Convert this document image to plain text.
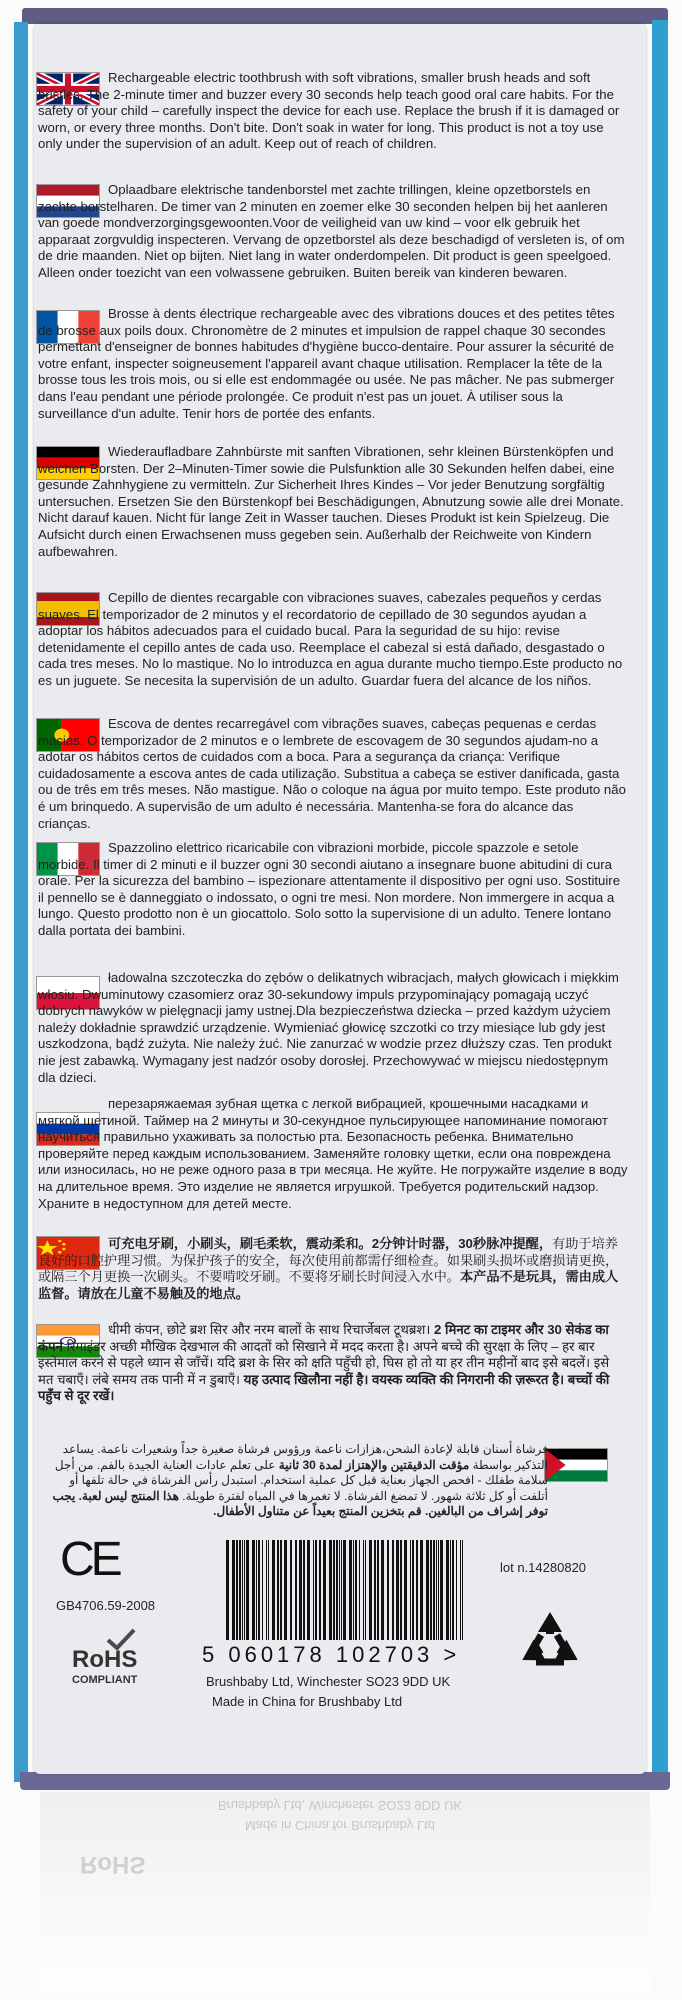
Rechargeable electric toothbrush with soft vibrations, smaller brush heads and soft bristles. The 2-minute timer and buzzer every 30 seconds help teach good oral care habits. For the safety of your child – carefully inspect the device for each use. Replace the brush if it is damaged or worn, or every three months. Don't bite. Don't soak in water for long. This product is not a toy use only under the supervision of an adult. Keep out of reach of children.
Oplaadbare elektrische tandenborstel met zachte trillingen, kleine opzetborstels en zachte borstelharen. De timer van 2 minuten en zoemer elke 30 seconden helpen bij het aanleren van goede mondverzorgingsgewoonten.Voor de veiligheid van uw kind – voor elk gebruik het apparaat zorgvuldig inspecteren. Vervang de opzetborstel als deze beschadigd of versleten is, of om de drie maanden. Niet op bijten. Niet lang in water onderdompelen. Dit product is geen speelgoed. Alleen onder toezicht van een volwassene gebruiken. Buiten bereik van kinderen bewaren.
Brosse à dents électrique rechargeable avec des vibrations douces et des petites têtes de brosse aux poils doux. Chronomètre de 2 minutes et impulsion de rappel chaque 30 secondes permettant d'enseigner de bonnes habitudes d'hygiène bucco-dentaire. Pour assurer la sécurité de votre enfant, inspecter soigneusement l'appareil avant chaque utilisation. Remplacer la tête de la brosse tous les trois mois, ou si elle est endommagée ou usée. Ne pas mâcher. Ne pas submerger dans l'eau pendant une période prolongée. Ce produit n'est pas un jouet. À utiliser sous la surveillance d'un adulte. Tenir hors de portée des enfants.
Wiederaufladbare Zahnbürste mit sanften Vibrationen, sehr kleinen Bürstenköpfen und weichen Borsten. Der 2–Minuten-Timer sowie die Pulsfunktion alle 30 Sekunden helfen dabei, eine gesunde Zahnhygiene zu vermitteln. Zur Sicherheit Ihres Kindes – Vor jeder Benutzung sorgfältig untersuchen. Ersetzen Sie den Bürstenkopf bei Beschädigungen, Abnutzung sowie alle drei Monate. Nicht darauf kauen. Nicht für lange Zeit in Wasser tauchen. Dieses Produkt ist kein Spielzeug. Die Aufsicht durch einen Erwachsenen muss gegeben sein. Außerhalb der Reichweite von Kindern aufbewahren.
Cepillo de dientes recargable con vibraciones suaves, cabezales pequeños y cerdas suaves. El temporizador de 2 minutos y el recordatorio de cepillado de 30 segundos ayudan a adoptar los hábitos adecuados para el cuidado bucal. Para la seguridad de su hijo: revise detenidamente el cepillo antes de cada uso. Reemplace el cabezal si está dañado, desgastado o cada tres meses. No lo mastique. No lo introduzca en agua durante mucho tiempo.Este producto no es un juguete. Se necesita la supervisión de un adulto. Guardar fuera del alcance de los niños.
Escova de dentes recarregável com vibrações suaves, cabeças pequenas e cerdas macias. O temporizador de 2 minutos e o lembrete de escovagem de 30 segundos ajudam-no a adotar os hábitos certos de cuidados com a boca. Para a segurança da criança: Verifique cuidadosamente a escova antes de cada utilização. Substitua a cabeça se estiver danificada, gasta ou de três em três meses. Não mastigue. Não o coloque na água por muito tempo. Este produto não é um brinquedo. A supervisão de um adulto é necessária. Mantenha-se fora do alcance das crianças.
Spazzolino elettrico ricaricabile con vibrazioni morbide, piccole spazzole e setole morbide. Il timer di 2 minuti e il buzzer ogni 30 secondi aiutano a insegnare buone abitudini di cura orale. Per la sicurezza del bambino – ispezionare attentamente il dispositivo per ogni uso. Sostituire il pennello se è danneggiato o indossato, o ogni tre mesi. Non mordere. Non immergere in acqua a lungo. Questo prodotto non è un giocattolo. Solo sotto la supervisione di un adulto. Tenere lontano dalla portata dei bambini.
ładowalna szczoteczka do zębów o delikatnych wibracjach, małych głowicach i miękkim włosiu. Dwuminutowy czasomierz oraz 30-sekundowy impuls przypominający pomagają uczyć dobrych nawyków w pielęgnacji jamy ustnej.Dla bezpieczeństwa dziecka – przed każdym użyciem należy dokładnie sprawdzić urządzenie. Wymieniać głowicę szczotki co trzy miesiące lub gdy jest uszkodzona, bądź zużyta. Nie należy żuć. Nie zanurzać w wodzie przez dłuższy czas. Ten produkt nie jest zabawką. Wymagany jest nadzór osoby dorosłej. Przechowywać w miejscu niedostępnym dla dzieci.
перезаряжаемая зубная щетка с легкой вибрацией, крошечными насадками и мягкой щетиной. Таймер на 2 минуты и 30-секундное пульсирующее напоминание помогают научиться правильно ухаживать за полостью рта. Безопасность ребенка. Внимательно проверяйте перед каждым использованием. Заменяйте головку щетки, если она повреждена или износилась, но не реже одного раза в три месяца. Не жуйте. Не погружайте изделие в воду на длительное время. Это изделие не является игрушкой. Требуется родительский надзор. Храните в недоступном для детей месте.
可充电牙刷，小刷头，刷毛柔软，震动柔和。2分钟计时器，30秒脉冲提醒，有助于培养良好的口腔护理习惯。为保护孩子的安全，每次使用前都需仔细检查。如果刷头损坏或磨损请更换，或隔三个月更换一次刷头。不要啃咬牙刷。不要将牙刷长时间浸入水中。本产品不是玩具，需由成人监督。请放在儿童不易触及的地点。
धीमी कंपन, छोटे ब्रश सिर और नरम बालों के साथ रिचार्जेबल टूथब्रश। 2 मिनट का टाइमर और 30 सेकंड का कंपन रिमाइंडर अच्छी मौखिक देखभाल की आदतों को सिखाने में मदद करता है। अपने बच्चे की सुरक्षा के लिए – हर बार इस्तेमाल करने से पहले ध्यान से जाँचें। यदि ब्रश के सिर को क्षति पहुँची हो, घिस हो तो या हर तीन महीनों बाद इसे बदलें। इसे मत चबाएँ। लंबे समय तक पानी में न डुबाएँ। यह उत्पाद खिलौना नहीं है। वयस्क व्यक्ति की निगरानी की ज़रूरत है। बच्चों की पहुँच से दूर रखें।
فرشاة أسنان قابلة لإعادة الشحن،هزازات ناعمة ورؤوس فرشاة صغيرة جداً وشعيرات ناعمة. يساعد التذكير بواسطة مؤقت الدقيقتين والإهتزاز لمدة 30 ثانية على تعلم عادات العناية الجيدة بالفم. من أجل سلامة طفلك - افحص الجهاز بعناية قبل كل عملية استخدام. استبدل رأس الفرشاة في حالة تلفها أو أتلفت أو كل ثلاثة شهور. لا تمضغ الفرشاة. لا تغمرها في المياه لفترة طويلة. هذا المنتج ليس لعبة. يجب توفر إشراف من البالغين. قم بتخزين المنتج بعيداً عن متناول الأطفال.
CE
GB4706.59-2008
RoHS
COMPLIANT
5 060178 102703 >
Brushbaby Ltd, Winchester SO23 9DD UK
Made in China for Brushbaby Ltd
lot n.14280820
RoHS
Made in China for Brushbaby Ltd
Brushbaby Ltd, Winchester SO23 9DD UK
